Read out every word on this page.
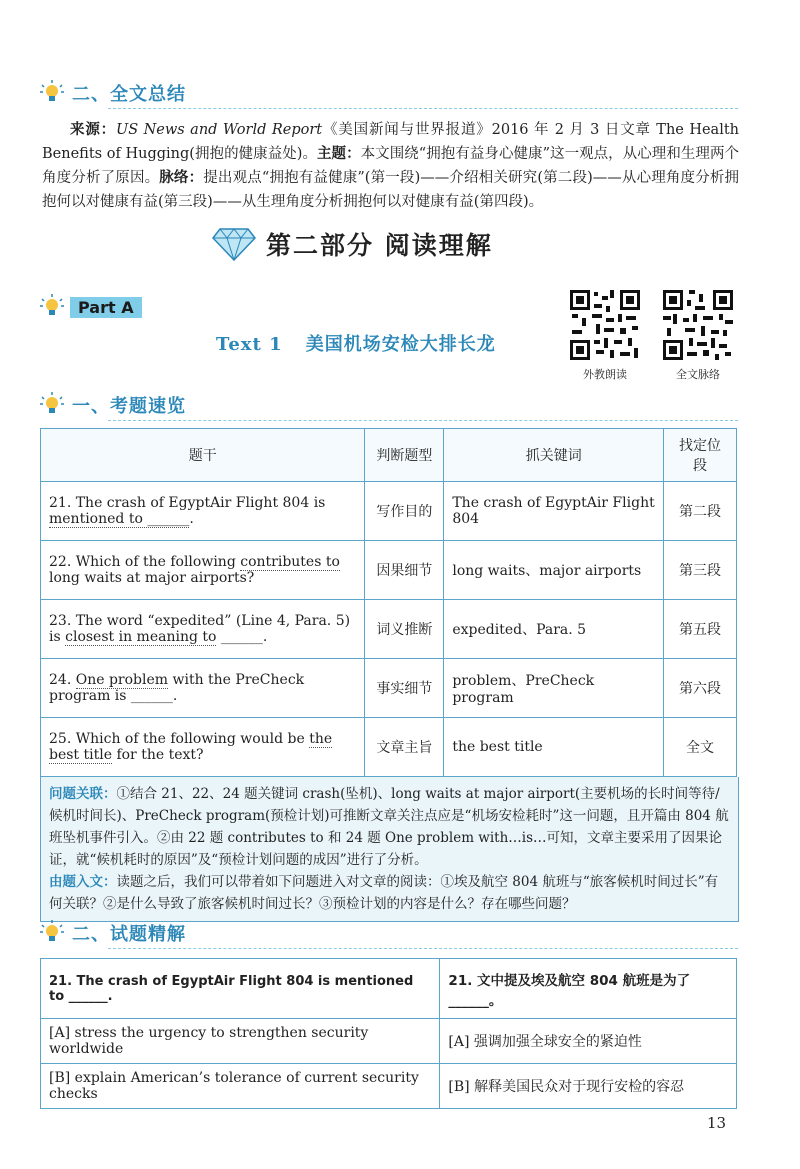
二、全文总结
来源：US News and World Report《美国新闻与世界报道》2016 年 2 月 3 日文章 The Health Benefits of Hugging(拥抱的健康益处)。主题：本文围绕“拥抱有益身心健康”这一观点，从心理和生理两个角度分析了原因。脉络：提出观点“拥抱有益健康”(第一段)——介绍相关研究(第二段)——从心理角度分析拥抱何以对健康有益(第三段)——从生理角度分析拥抱何以对健康有益(第四段)。
第二部分 阅读理解
Part A
Text 1 美国机场安检大排长龙
外教朗读	全文脉络
一、考题速览
题干	判断题型	抓关键词	找定位段
21. The crash of EgyptAir Flight 804 is mentioned to ______.	写作目的	The crash of EgyptAir Flight 804	第二段
22. Which of the following contributes to long waits at major airports?	因果细节	long waits、major airports	第三段
23. The word “expedited” (Line 4, Para. 5) is closest in meaning to ______.	词义推断	expedited、Para. 5	第五段
24. One problem with the PreCheck program is ______.	事实细节	problem、PreCheck program	第六段
25. Which of the following would be the best title for the text?	文章主旨	the best title	全文
问题关联：①结合 21、22、24 题关键词 crash(坠机)、long waits at major airport(主要机场的长时间等待/候机时间长)、PreCheck program(预检计划)可推断文章关注点应是“机场安检耗时”这一问题，且开篇由 804 航班坠机事件引入。②由 22 题 contributes to 和 24 题 One problem with…is…可知，文章主要采用了因果论证，就“候机耗时的原因”及“预检计划问题的成因”进行了分析。
由题入文：读题之后，我们可以带着如下问题进入对文章的阅读：①埃及航空 804 航班与“旅客候机时间过长”有何关联？②是什么导致了旅客候机时间过长？③预检计划的内容是什么？存在哪些问题？
二、试题精解
21. The crash of EgyptAir Flight 804 is mentioned to ______.	21. 文中提及埃及航空 804 航班是为了______。
[A] stress the urgency to strengthen security worldwide	[A] 强调加强全球安全的紧迫性
[B] explain American’s tolerance of current security checks	[B] 解释美国民众对于现行安检的容忍
13
